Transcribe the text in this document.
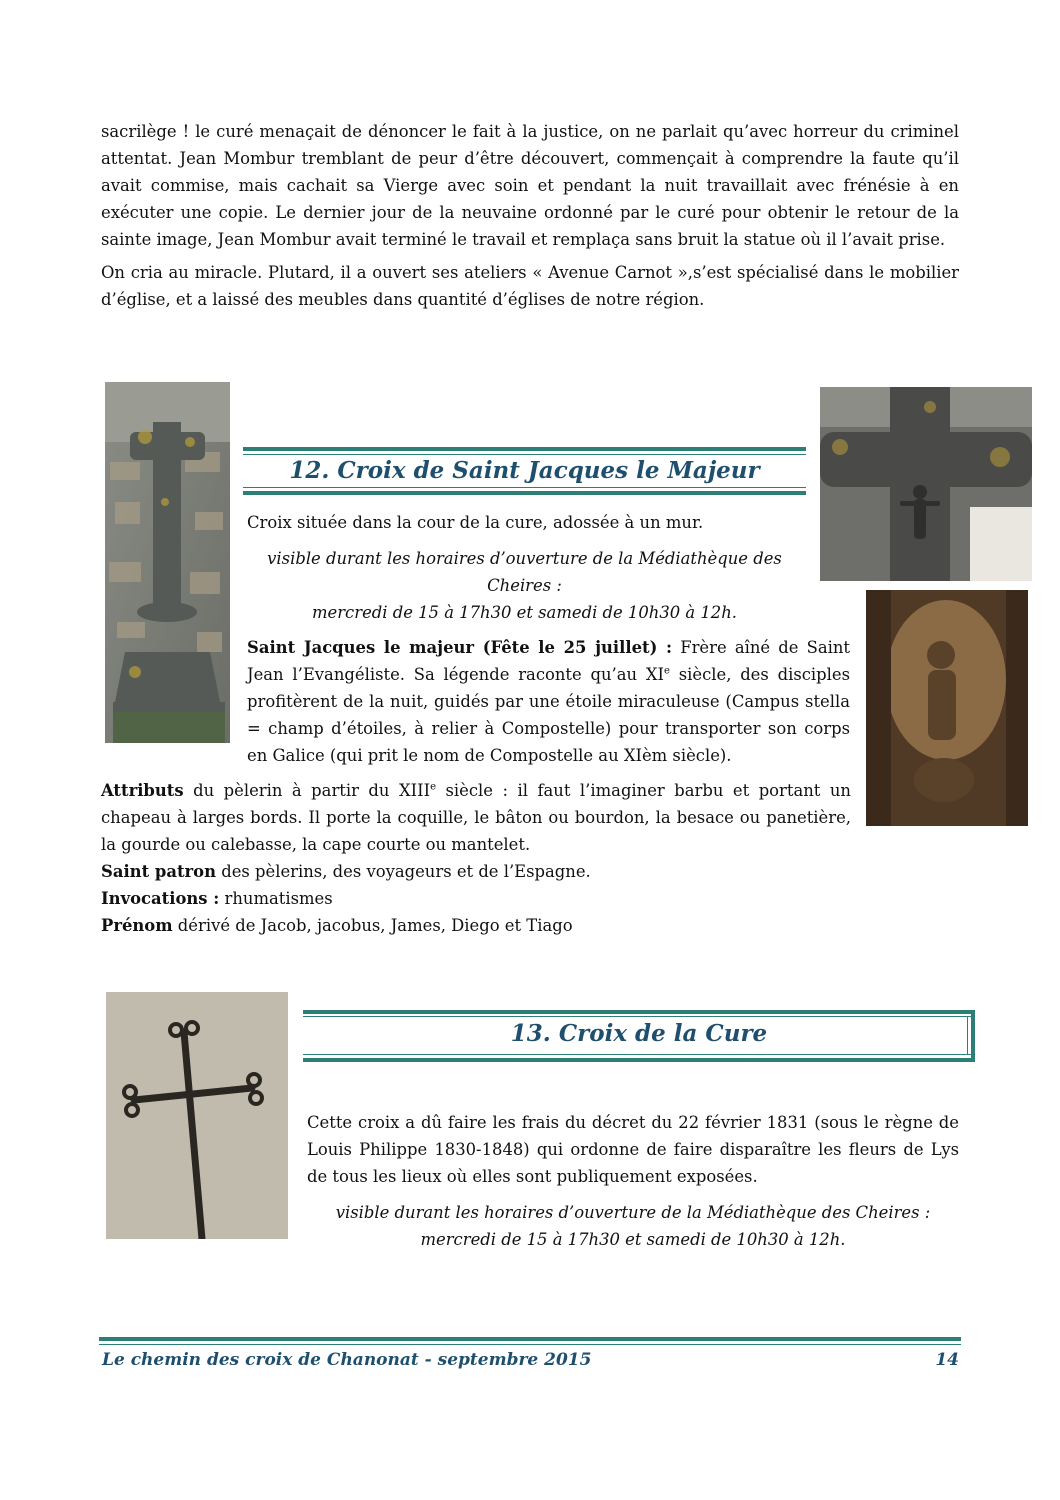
sacrilège ! le curé menaçait de dénoncer le fait à la justice, on ne parlait qu’avec horreur du criminel attentat. Jean Mombur tremblant de peur d’être découvert, commençait à comprendre la faute qu’il avait commise, mais cachait sa Vierge avec soin et pendant la nuit travaillait avec frénésie à en exécuter une copie. Le dernier jour de la neuvaine ordonné par le curé pour obtenir le retour de la sainte image, Jean Mombur avait terminé le travail et remplaça sans bruit la statue où il l’avait prise.

On cria au miracle. Plutard, il a ouvert ses ateliers « Avenue Carnot »,s’est spécialisé dans le mobilier d’église, et a laissé des meubles dans quantité d’églises de notre région.

12. Croix de Saint Jacques le Majeur

Croix située dans la cour de la cure, adossée à un mur.

visible durant les horaires d’ouverture de la Médiathèque des

Cheires :

mercredi de 15 à 17h30 et samedi de 10h30 à 12h.

Saint Jacques le majeur (Fête le 25 juillet) : Frère aîné de Saint Jean l’Evangéliste. Sa légende raconte qu’au XIe siècle, des disciples profitèrent de la nuit, guidés par une étoile miraculeuse (Campus stella = champ d’étoiles, à relier à Compostelle) pour transporter son corps en Galice (qui prit le nom de Compostelle au XIèm siècle).

Attributs du pèlerin à partir du XIIIe siècle : il faut l’imaginer barbu et portant un chapeau à larges bords. Il porte la coquille, le bâton ou bourdon, la besace ou panetière, la gourde ou calebasse, la cape courte ou mantelet.

Saint patron des pèlerins, des voyageurs et de l’Espagne.

Invocations : rhumatismes

Prénom dérivé de Jacob, jacobus, James, Diego et Tiago

13. Croix de la Cure

Cette croix a dû faire les frais du décret du 22 février 1831 (sous le règne de Louis Philippe 1830-1848) qui ordonne de faire disparaître les fleurs de Lys de tous les lieux où elles sont publiquement exposées.

visible durant les horaires d’ouverture de la Médiathèque des Cheires :

mercredi de 15 à 17h30 et samedi de 10h30 à 12h.

Le chemin des croix de Chanonat - septembre 2015	14
